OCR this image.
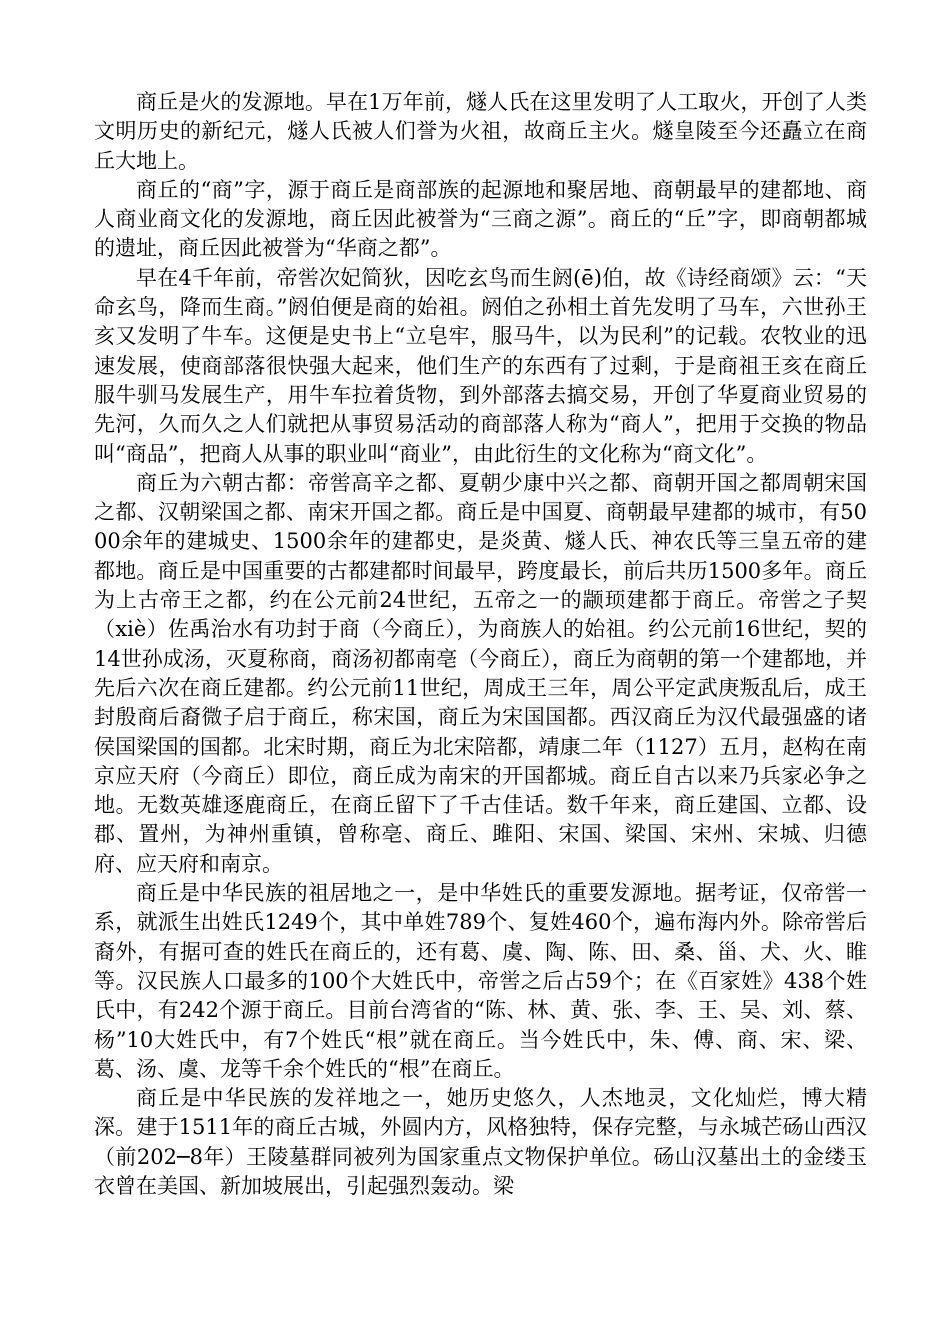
商丘是火的发源地。早在1万年前，燧人氏在这里发明了人工取火，开创了人类文明历史的新纪元，燧人氏被人们誉为火祖，故商丘主火。燧皇陵至今还矗立在商丘大地上。

商丘的“商”字，源于商丘是商部族的起源地和聚居地、商朝最早的建都地、商人商业商文化的发源地，商丘因此被誉为“三商之源”。商丘的“丘”字，即商朝都城的遗址，商丘因此被誉为“华商之都”。

早在4千年前，帝喾次妃简狄，因吃玄鸟而生阏(ē)伯，故《诗经商颂》云：“天命玄鸟，降而生商。”阏伯便是商的始祖。阏伯之孙相土首先发明了马车，六世孙王亥又发明了牛车。这便是史书上“立皂牢，服马牛，以为民利”的记载。农牧业的迅速发展，使商部落很快强大起来，他们生产的东西有了过剩，于是商祖王亥在商丘服牛驯马发展生产，用牛车拉着货物，到外部落去搞交易，开创了华夏商业贸易的先河，久而久之人们就把从事贸易活动的商部落人称为“商人”，把用于交换的物品叫“商品”，把商人从事的职业叫“商业”，由此衍生的文化称为“商文化”。

商丘为六朝古都：帝喾高辛之都、夏朝少康中兴之都、商朝开国之都周朝宋国之都、汉朝梁国之都、南宋开国之都。商丘是中国夏、商朝最早建都的城市，有5000余年的建城史、1500余年的建都史，是炎黄、燧人氏、神农氏等三皇五帝的建都地。商丘是中国重要的古都建都时间最早，跨度最长，前后共历1500多年。商丘为上古帝王之都，约在公元前24世纪，五帝之一的颛顼建都于商丘。帝喾之子契（xiè）佐禹治水有功封于商（今商丘），为商族人的始祖。约公元前16世纪，契的14世孙成汤，灭夏称商，商汤初都南亳（今商丘），商丘为商朝的第一个建都地，并先后六次在商丘建都。约公元前11世纪，周成王三年，周公平定武庚叛乱后，成王封殷商后裔微子启于商丘，称宋国，商丘为宋国国都。西汉商丘为汉代最强盛的诸侯国梁国的国都。北宋时期，商丘为北宋陪都，靖康二年（1127）五月，赵构在南京应天府（今商丘）即位，商丘成为南宋的开国都城。商丘自古以来乃兵家必争之地。无数英雄逐鹿商丘，在商丘留下了千古佳话。数千年来，商丘建国、立都、设郡、置州，为神州重镇，曾称亳、商丘、雎阳、宋国、梁国、宋州、宋城、归德府、应天府和南京。

商丘是中华民族的祖居地之一，是中华姓氏的重要发源地。据考证，仅帝喾一系，就派生出姓氏1249个，其中单姓789个、复姓460个，遍布海内外。除帝喾后裔外，有据可查的姓氏在商丘的，还有葛、虞、陶、陈、田、桑、甾、犬、火、睢等。汉民族人口最多的100个大姓氏中，帝喾之后占59个；在《百家姓》438个姓氏中，有242个源于商丘。目前台湾省的“陈、林、黄、张、李、王、吴、刘、蔡、杨”10大姓氏中，有7个姓氏“根”就在商丘。当今姓氏中，朱、傅、商、宋、梁、葛、汤、虞、龙等千余个姓氏的“根”在商丘。

商丘是中华民族的发祥地之一，她历史悠久，人杰地灵，文化灿烂，博大精深。建于1511年的商丘古城，外圆内方，风格独特，保存完整，与永城芒砀山西汉（前202─8年）王陵墓群同被列为国家重点文物保护单位。砀山汉墓出土的金缕玉衣曾在美国、新加坡展出，引起强烈轰动。梁
